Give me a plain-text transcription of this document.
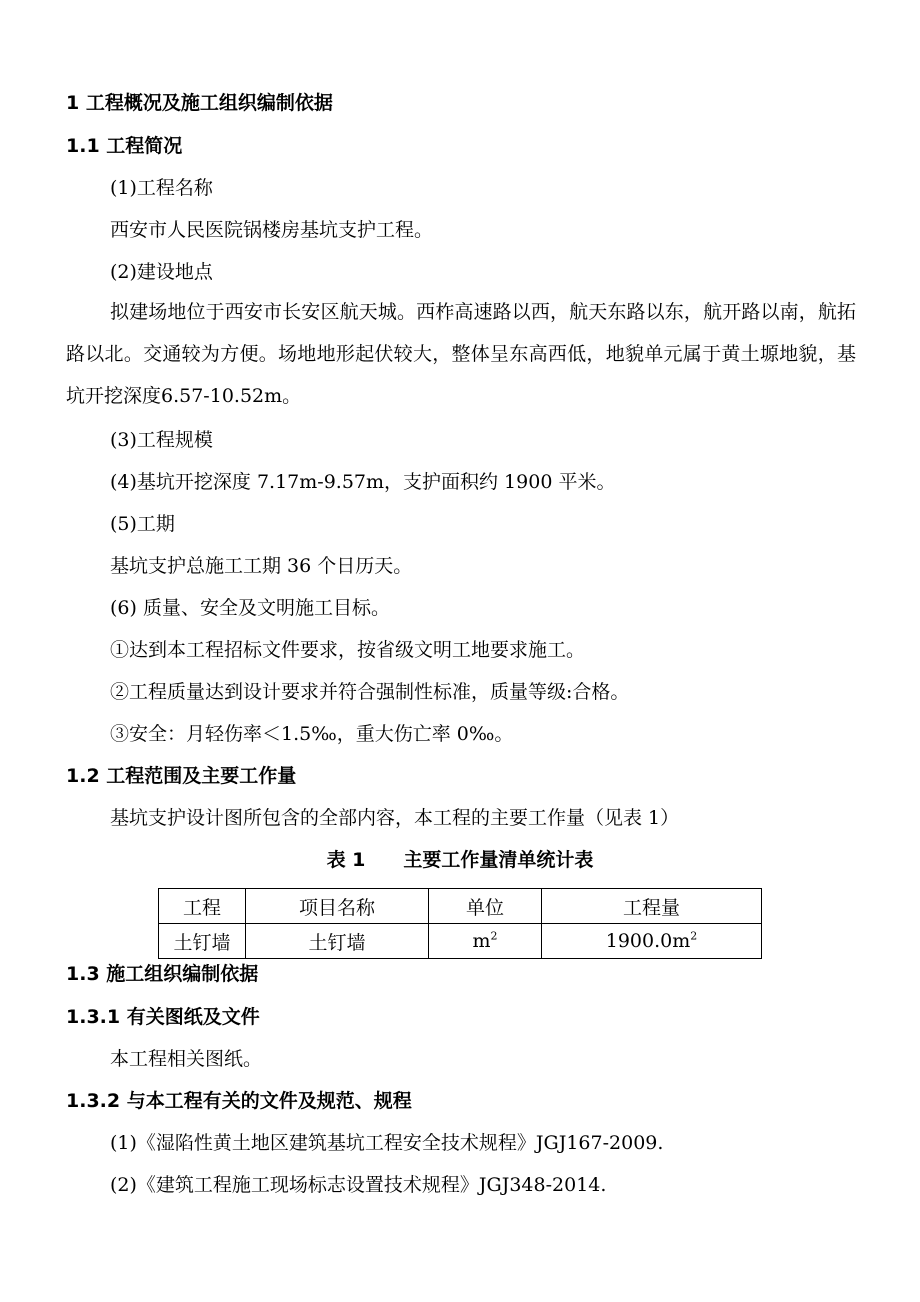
1 工程概况及施工组织编制依据
1.1 工程简况
(1)工程名称
西安市人民医院锅楼房基坑支护工程。
(2)建设地点
拟建场地位于西安市长安区航天城。西柞高速路以西，航天东路以东，航开路以南，航拓路以北。交通较为方便。场地地形起伏较大，整体呈东高西低，地貌单元属于黄土塬地貌，基坑开挖深度6.57-10.52m。
(3)工程规模
(4)基坑开挖深度 7.17m-9.57m，支护面积约 1900 平米。
(5)工期
基坑支护总施工工期 36 个日历天。
(6) 质量、安全及文明施工目标。
①达到本工程招标文件要求，按省级文明工地要求施工。
②工程质量达到设计要求并符合强制性标准，质量等级:合格。
③安全：月轻伤率＜1.5‰，重大伤亡率 0‰。
1.2 工程范围及主要工作量
基坑支护设计图所包含的全部内容，本工程的主要工作量（见表 1）
表 1 主要工作量清单统计表
工程	项目名称	单位	工程量
土钉墙	土钉墙	$m^2$	$1900.0m^2$
1.3 施工组织编制依据
1.3.1 有关图纸及文件
本工程相关图纸。
1.3.2 与本工程有关的文件及规范、规程
(1)《湿陷性黄土地区建筑基坑工程安全技术规程》JGJ167-2009.
(2)《建筑工程施工现场标志设置技术规程》JGJ348-2014.
